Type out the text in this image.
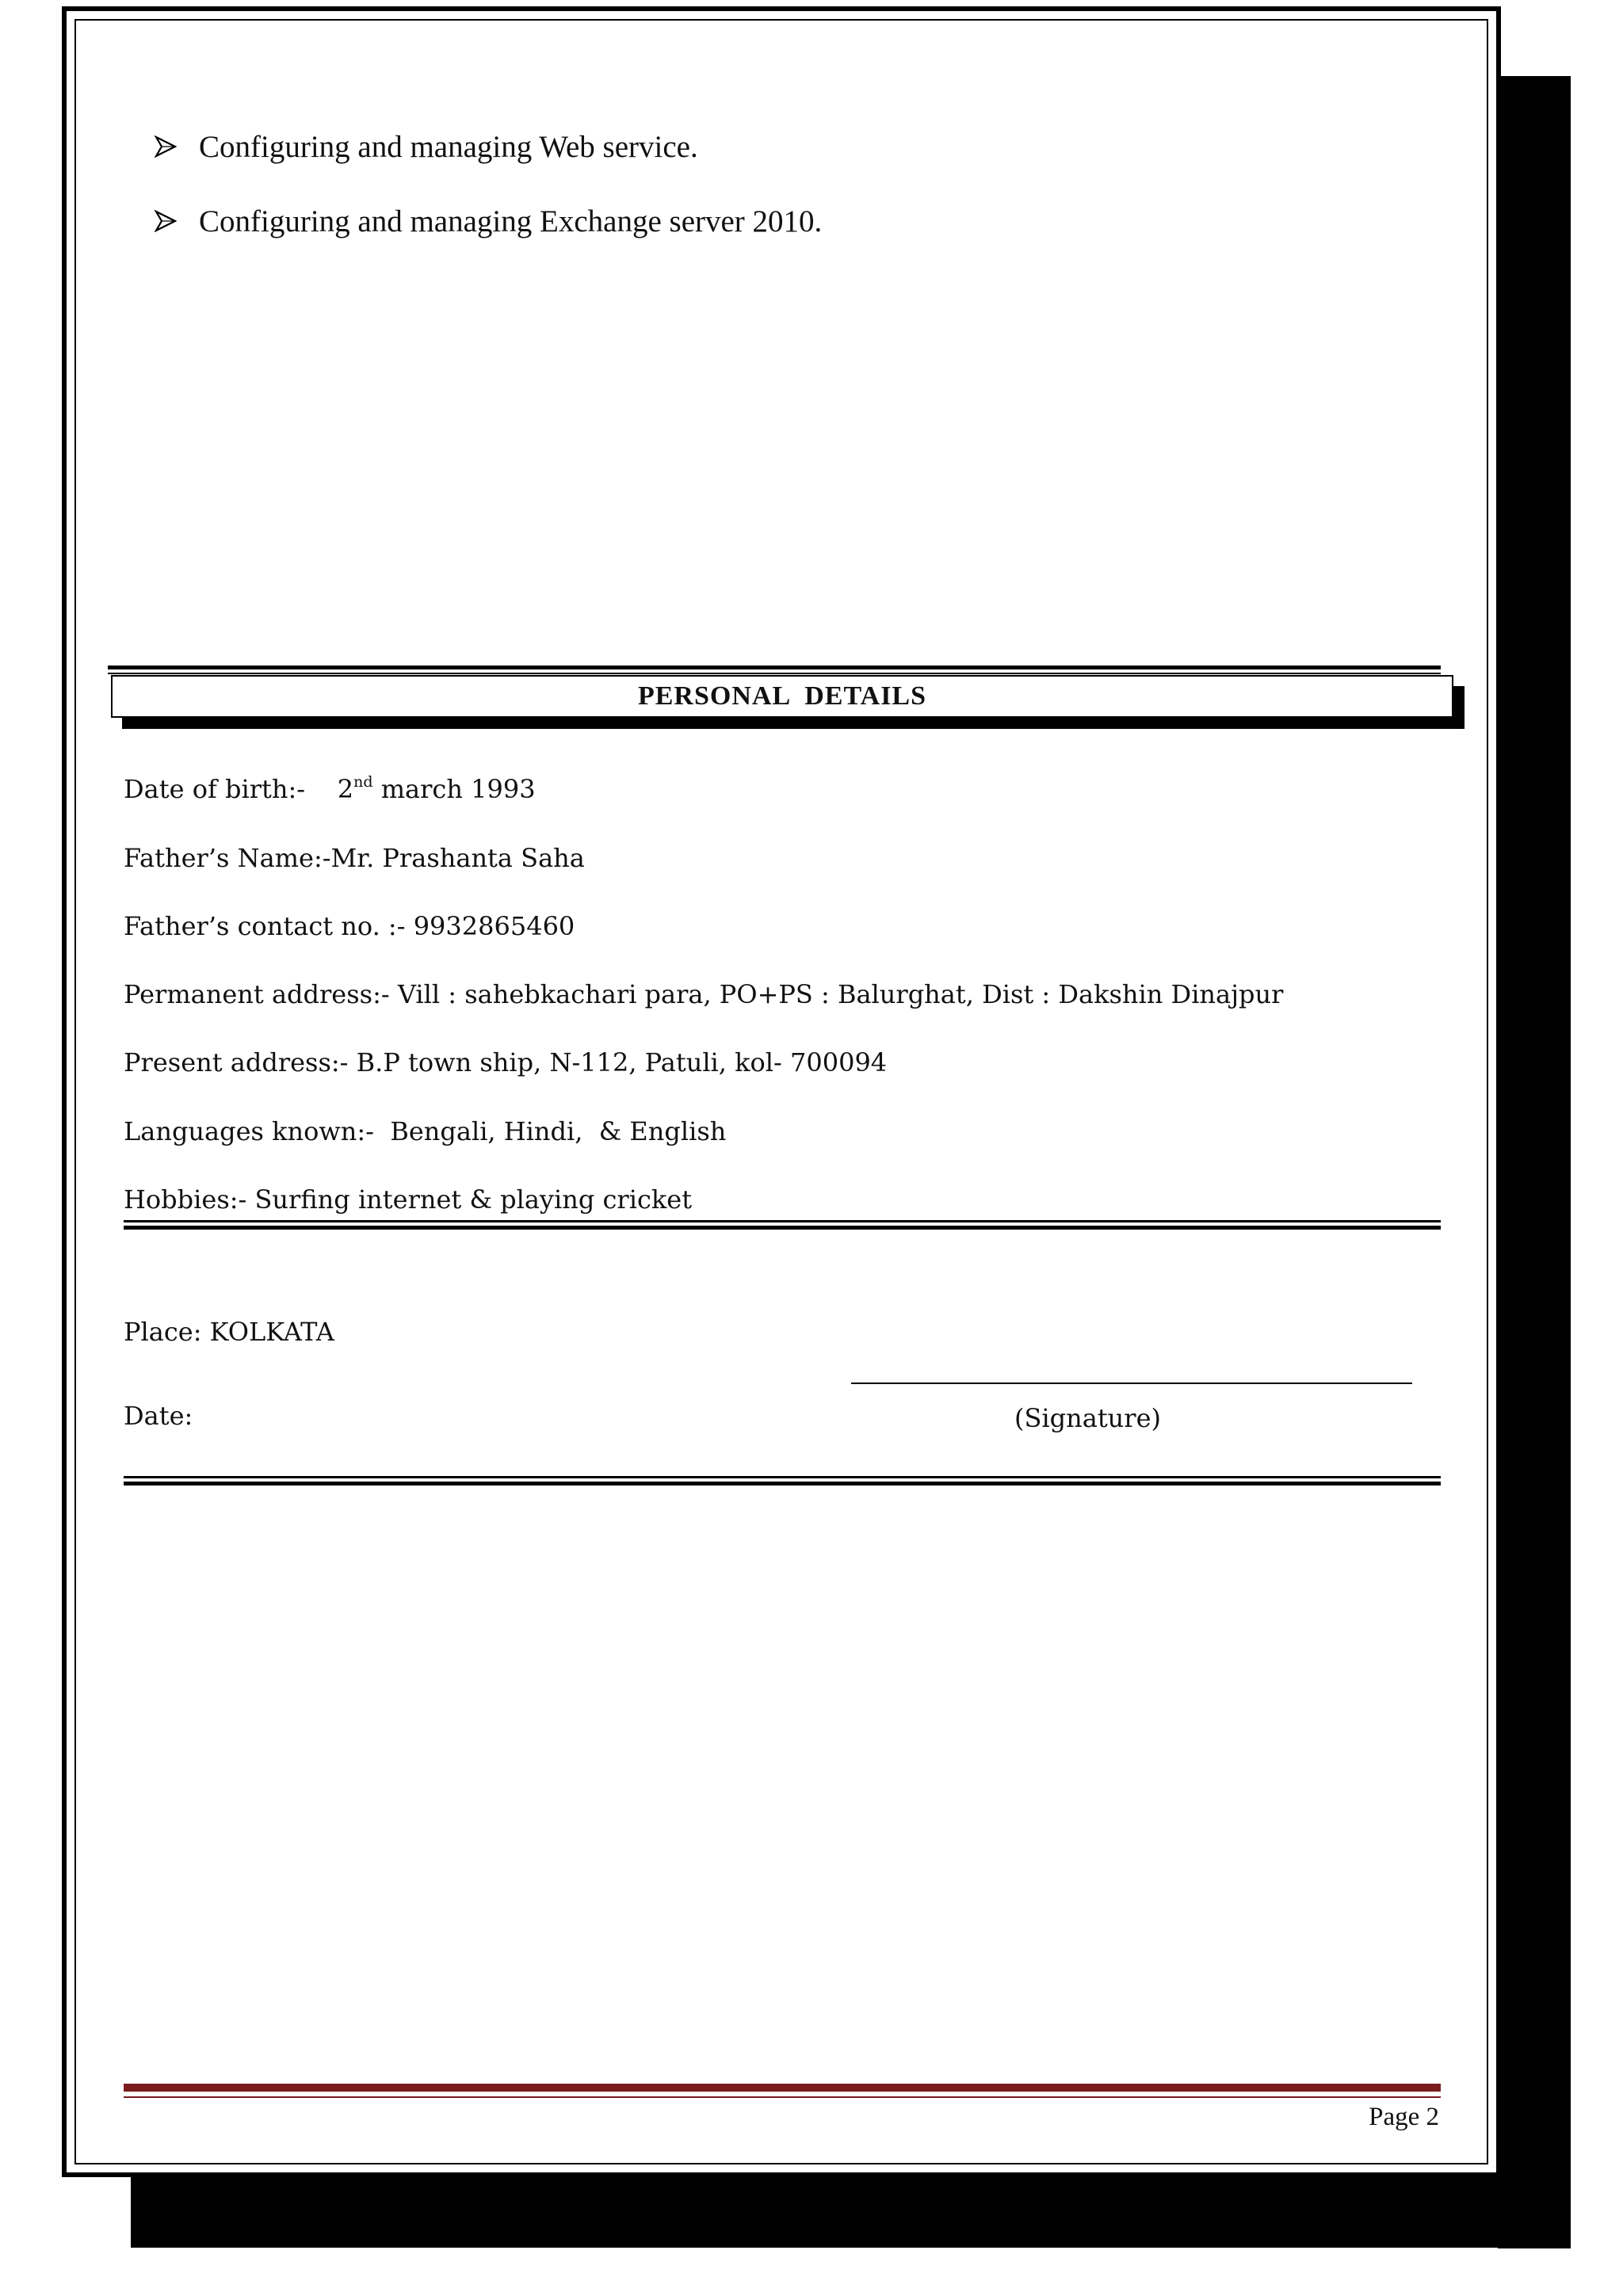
Configuring and managing Web service.
Configuring and managing Exchange server 2010.
PERSONAL  DETAILS
Date of birth:-    2nd march 1993
Father’s Name:-Mr. Prashanta Saha
Father’s contact no. :- 9932865460
Permanent address:- Vill : sahebkachari para, PO+PS : Balurghat, Dist : Dakshin Dinajpur
Present address:- B.P town ship, N-112, Patuli, kol- 700094
Languages known:-  Bengali, Hindi,  & English
Hobbies:- Surfing internet & playing cricket
Place: KOLKATA
Date:	(Signature)
Page 2
